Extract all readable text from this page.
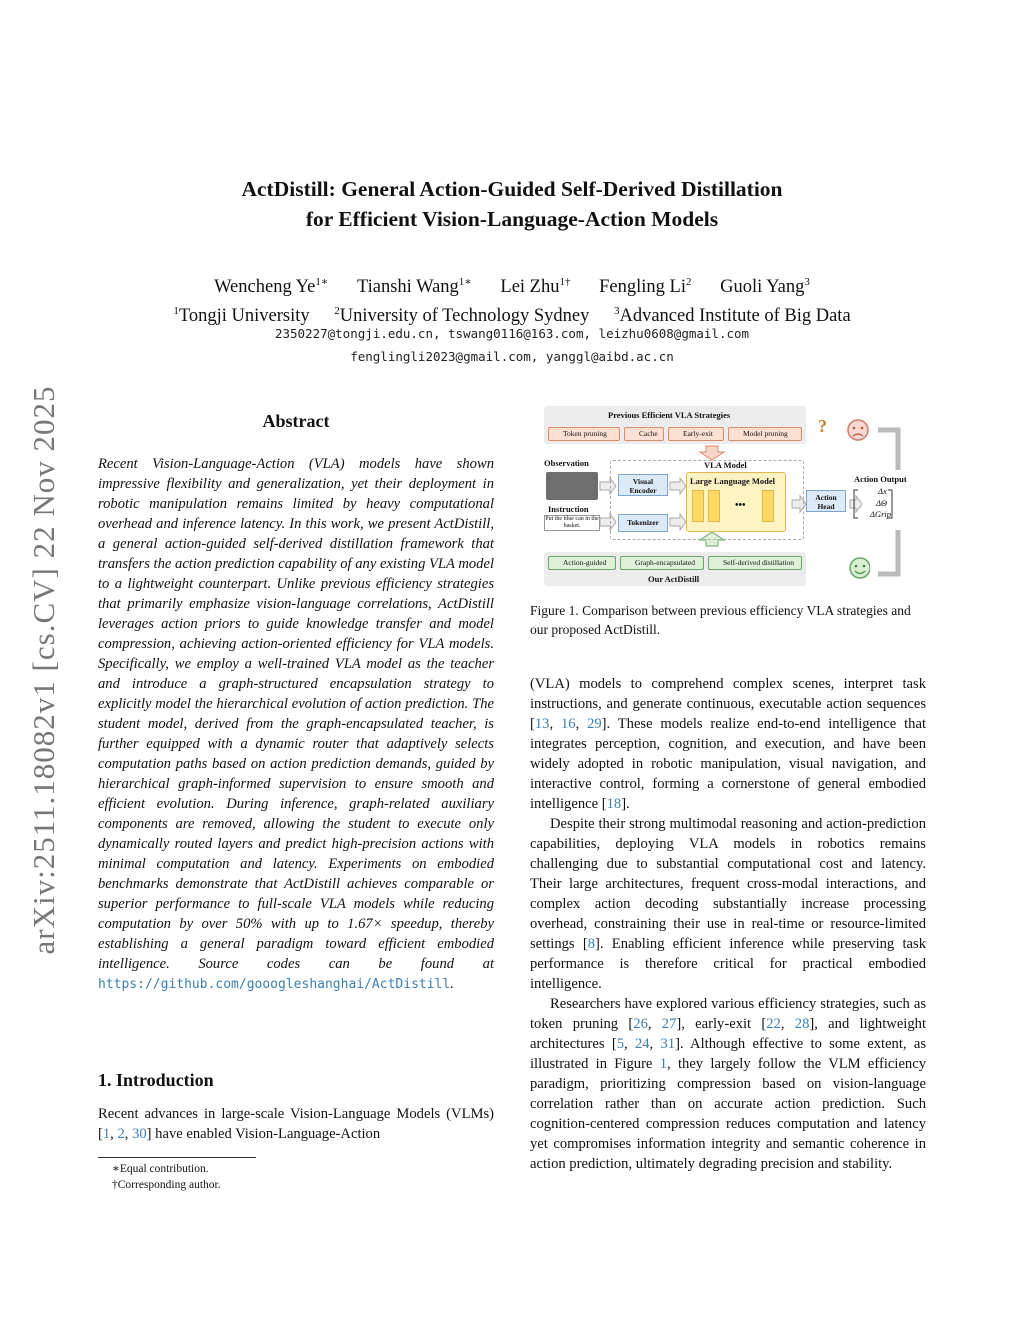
arXiv:2511.18082v1 [cs.CV] 22 Nov 2025
ActDistill: General Action-Guided Self-Derived Distillation
for Efficient Vision-Language-Action Models
Wencheng $Ye^{1∗}$ Tianshi Wang$^{1∗}$ Lei Zhu$^{1\dagger}$ Fengling Li$^2$ Guoli Yang$^3$
$^1$Tongji University $^2$University of Technology Sydney $^3$Advanced Institute of Big Data
2350227@tongji.edu.cn, tswang0116@163.com, leizhu0608@gmail.com
fenglingli2023@gmail.com, yanggl@aibd.ac.cn
Abstract
Recent Vision-Language-Action (VLA) models have shown impressive flexibility and generalization, yet their deployment in robotic manipulation remains limited by heavy computational overhead and inference latency. In this work, we present ActDistill, a general action-guided self-derived distillation framework that transfers the action prediction capability of any existing VLA model to a lightweight counterpart. Unlike previous efficiency strategies that primarily emphasize vision-language correlations, ActDistill leverages action priors to guide knowledge transfer and model compression, achieving action-oriented efficiency for VLA models. Specifically, we employ a well-trained VLA model as the teacher and introduce a graph-structured encapsulation strategy to explicitly model the hierarchical evolution of action prediction. The student model, derived from the graph-encapsulated teacher, is further equipped with a dynamic router that adaptively selects computation paths based on action prediction demands, guided by hierarchical graph-informed supervision to ensure smooth and efficient evolution. During inference, graph-related auxiliary components are removed, allowing the student to execute only dynamically routed layers and predict high-precision actions with minimal computation and latency. Experiments on embodied benchmarks demonstrate that ActDistill achieves comparable or superior performance to full-scale VLA models while reducing computation by over 50% with up to 1.67× speedup, thereby establishing a general paradigm toward efficient embodied intelligence. Source codes can be found at https://github.com/gooogleshanghai/ActDistill.
1. Introduction
Recent advances in large-scale Vision-Language Models (VLMs) [1, 2, 30] have enabled Vision-Language-Action
∗Equal contribution.
†Corresponding author.
Previous Efficient VLA Strategies
Token pruning	Cache	Early-exit	Model pruning	?
Observation
Instruction
Put the blue can in the basket.
VLA Model
Visual Encoder
Tokenizer
Large Language Model
•••
Action Head
Action Output
Δx
ΔΘ
ΔGrip
Action-guided	Graph-encapsulated	Self-derived distillation
Our ActDistill
Figure 1. Comparison between previous efficiency VLA strategies and our proposed ActDistill.

(VLA) models to comprehend complex scenes, interpret task instructions, and generate continuous, executable action sequences [13, 16, 29]. These models realize end-to-end intelligence that integrates perception, cognition, and execution, and have been widely adopted in robotic manipulation, visual navigation, and interactive control, forming a cornerstone of general embodied intelligence [18].

Despite their strong multimodal reasoning and action-prediction capabilities, deploying VLA models in robotics remains challenging due to substantial computational cost and latency. Their large architectures, frequent cross-modal interactions, and complex action decoding substantially increase processing overhead, constraining their use in real-time or resource-limited settings [8]. Enabling efficient inference while preserving task performance is therefore critical for practical embodied intelligence.

Researchers have explored various efficiency strategies, such as token pruning [26, 27], early-exit [22, 28], and lightweight architectures [5, 24, 31]. Although effective to some extent, as illustrated in Figure 1, they largely follow the VLM efficiency paradigm, prioritizing compression based on vision-language correlation rather than on accurate action prediction. Such cognition-centered compression reduces computation and latency yet compromises information integrity and semantic coherence in action prediction, ultimately degrading precision and stability.
